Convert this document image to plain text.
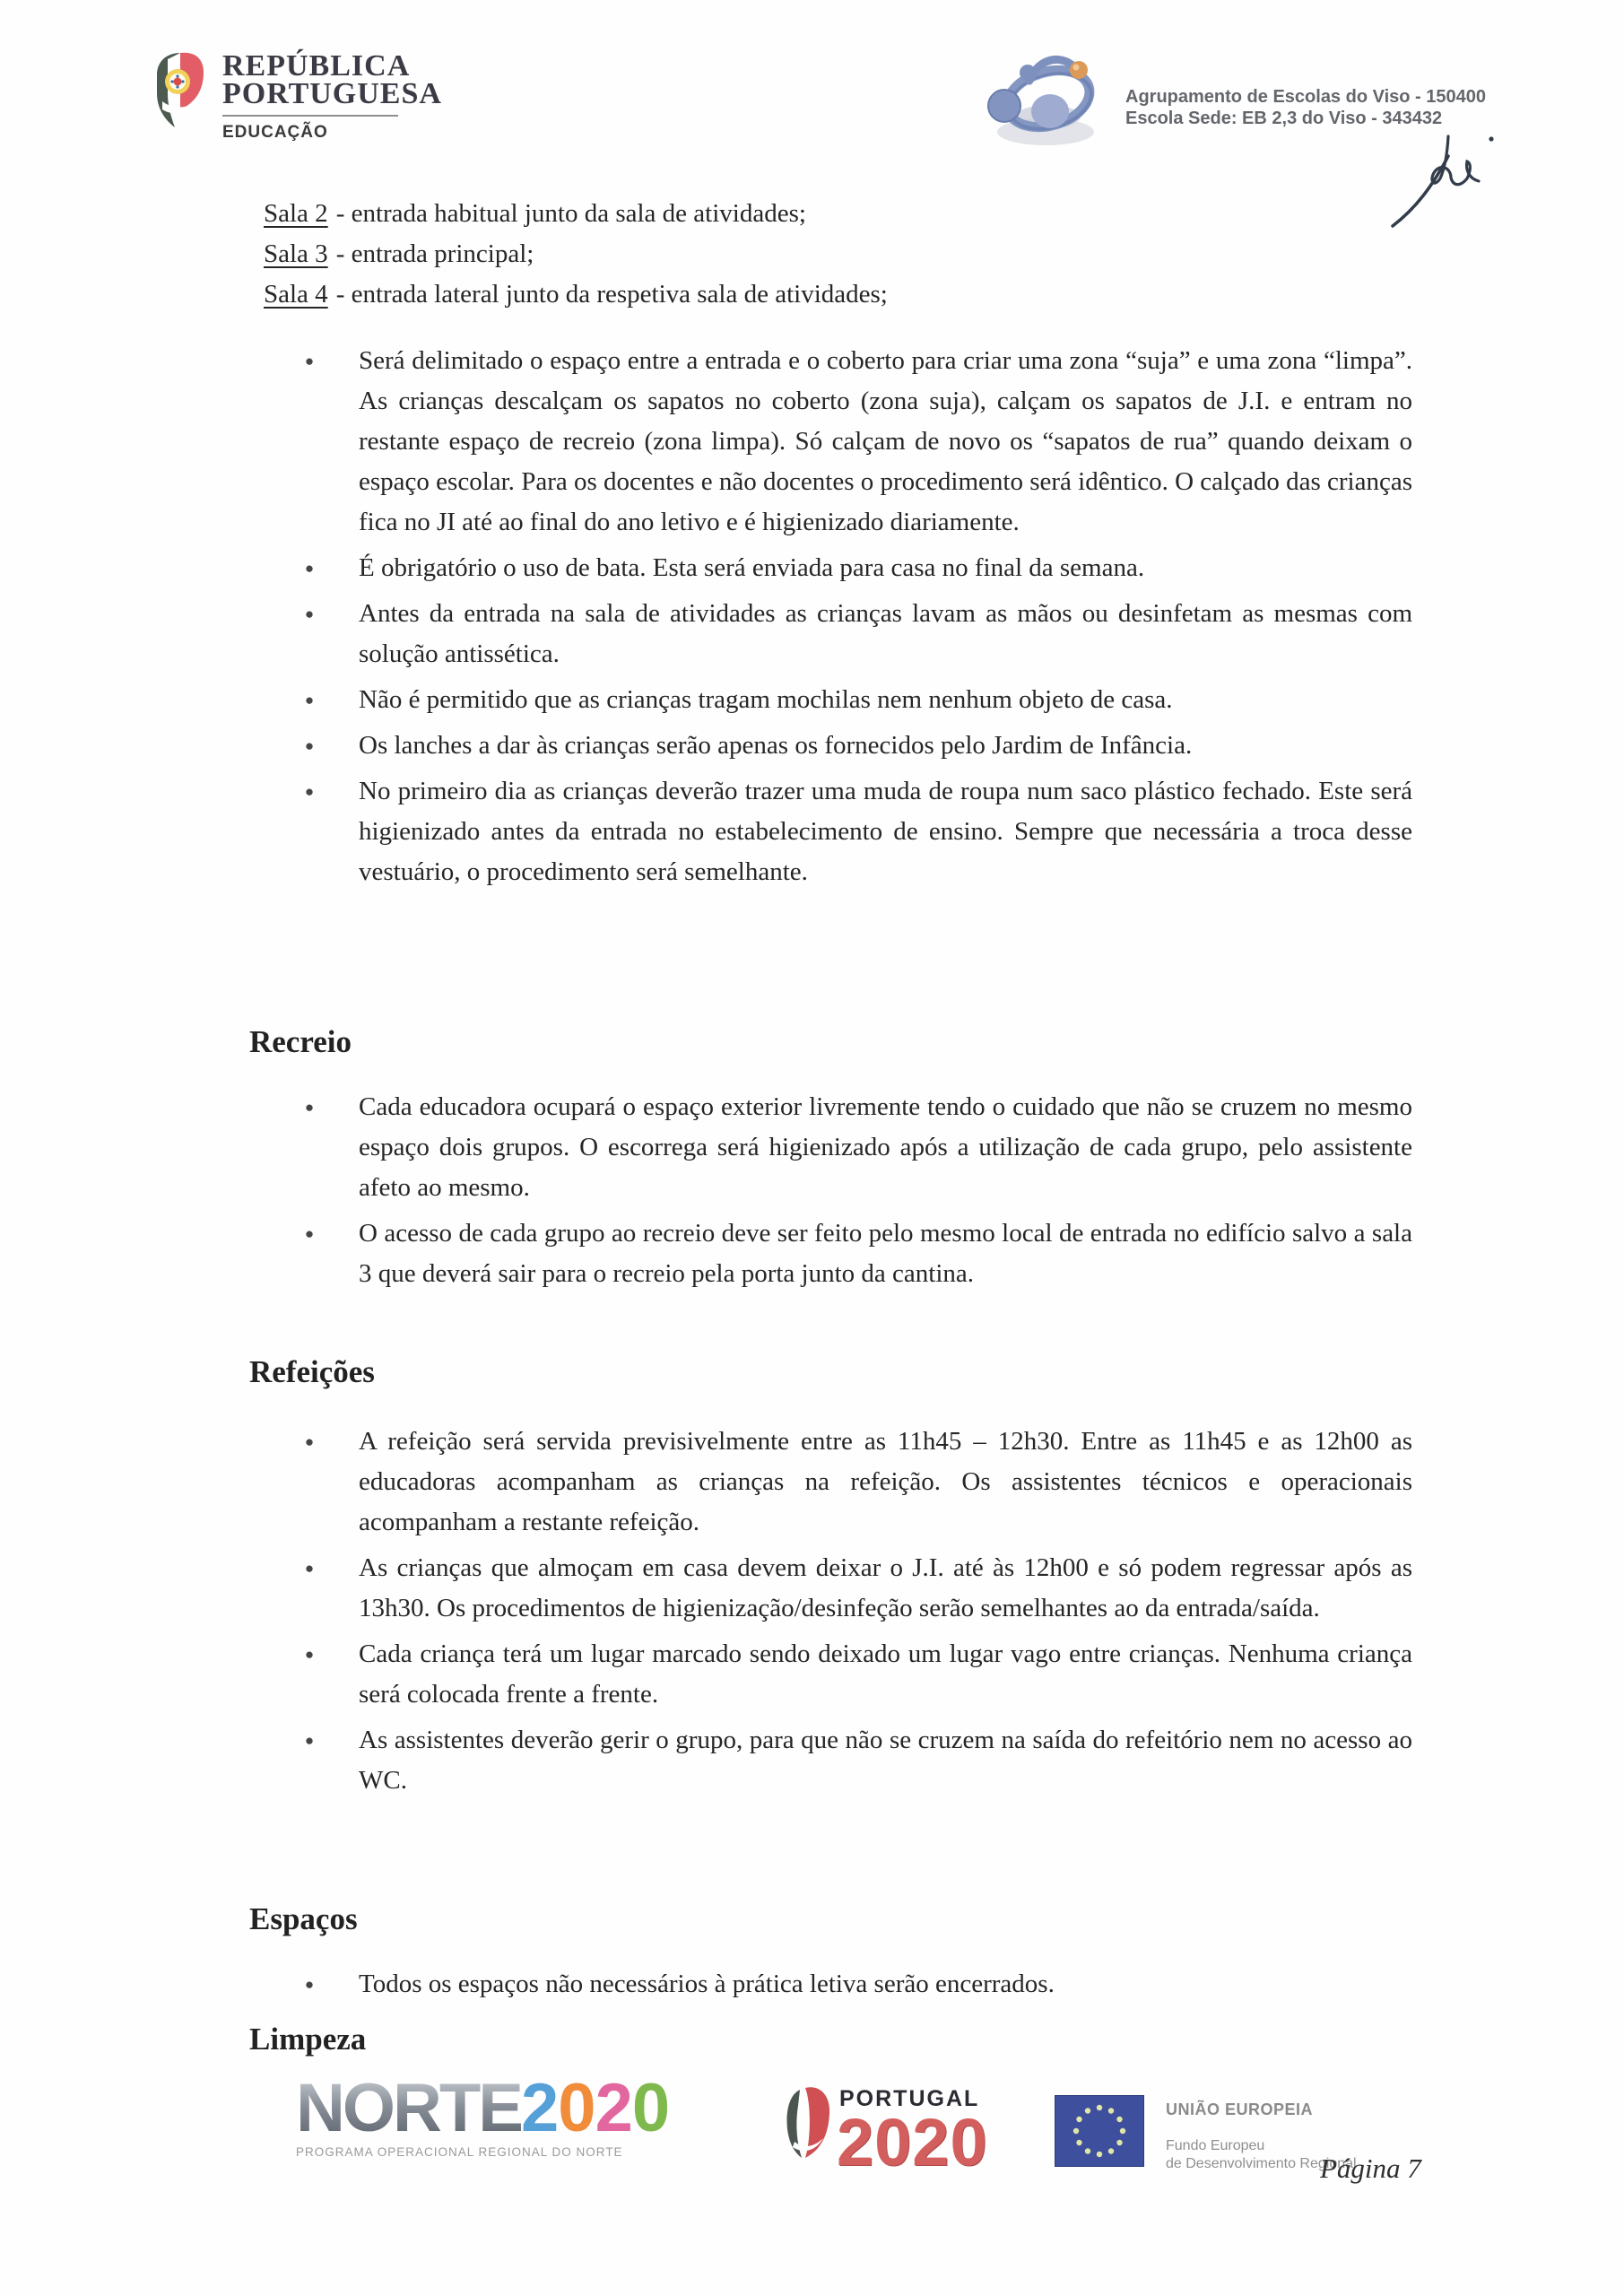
REPÚBLICA
PORTUGUESA
EDUCAÇÃO
Agrupamento de Escolas do Viso - 150400
Escola Sede: EB 2,3 do Viso - 343432
Sala 2 - entrada habitual junto da sala de atividades;
Sala 3 - entrada principal;
Sala 4 - entrada lateral junto da respetiva sala de atividades;
●	Será delimitado o espaço entre a entrada e o coberto para criar uma zona “suja” e uma zona “limpa”. As crianças descalçam os sapatos no coberto (zona suja), calçam os sapatos de J.I. e entram no restante espaço de recreio (zona limpa). Só calçam de novo os “sapatos de rua” quando deixam o espaço escolar. Para os docentes e não docentes o procedimento será idêntico. O calçado das crianças fica no JI até ao final do ano letivo e é higienizado diariamente.

●	É obrigatório o uso de bata. Esta será enviada para casa no final da semana.

●	Antes da entrada na sala de atividades as crianças lavam as mãos ou desinfetam as mesmas com solução antissética.

●	Não é permitido que as crianças tragam mochilas nem nenhum objeto de casa.

●	Os lanches a dar às crianças serão apenas os fornecidos pelo Jardim de Infância.

●	No primeiro dia as crianças deverão trazer uma muda de roupa num saco plástico fechado. Este será higienizado antes da entrada no estabelecimento de ensino. Sempre que necessária a troca desse vestuário, o procedimento será semelhante.

Recreio
●	Cada educadora ocupará o espaço exterior livremente tendo o cuidado que não se cruzem no mesmo espaço dois grupos. O escorrega será higienizado após a utilização de cada grupo, pelo assistente afeto ao mesmo.

●	O acesso de cada grupo ao recreio deve ser feito pelo mesmo local de entrada no edifício salvo a sala 3 que deverá sair para o recreio pela porta junto da cantina.

Refeições
●	A refeição será servida previsivelmente entre as 11h45 – 12h30. Entre as 11h45 e as 12h00 as educadoras acompanham as crianças na refeição. Os assistentes técnicos e operacionais acompanham a restante refeição.

●	As crianças que almoçam em casa devem deixar o J.I. até às 12h00 e só podem regressar após as 13h30. Os procedimentos de higienização/desinfeção serão semelhantes ao da entrada/saída.

●	Cada criança terá um lugar marcado sendo deixado um lugar vago entre crianças. Nenhuma criança será colocada frente a frente.

●	As assistentes deverão gerir o grupo, para que não se cruzem na saída do refeitório nem no acesso ao WC.

Espaços
●	Todos os espaços não necessários à prática letiva serão encerrados.

Limpeza
NORTE2020
PROGRAMA OPERACIONAL REGIONAL DO NORTE
PORTUGAL
2020	UNIÃO EUROPEIA
Fundo Europeu
de Desenvolvimento Regional
Página 7
